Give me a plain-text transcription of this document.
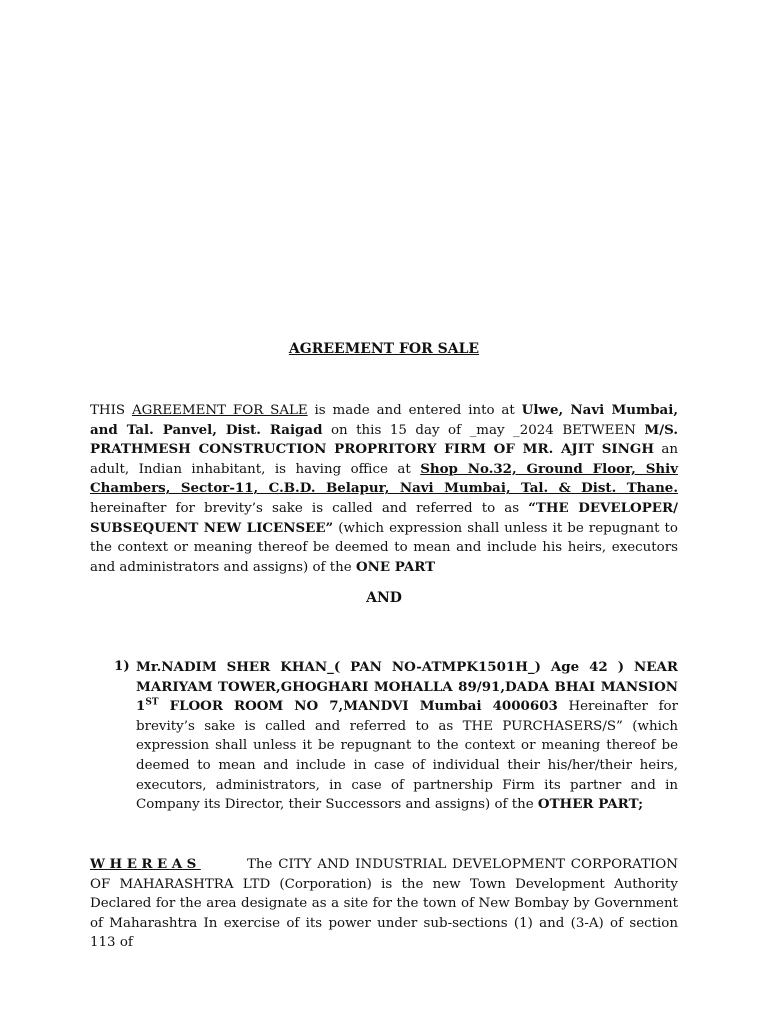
AGREEMENT FOR SALE

THIS AGREEMENT FOR SALE is made and entered into at Ulwe, Navi Mumbai, and Tal. Panvel, Dist. Raigad on this 15 day of _may _2024 BETWEEN M/S. PRATHMESH CONSTRUCTION PROPRITORY FIRM OF MR. AJIT SINGH an adult, Indian inhabitant, is having office at Shop No.32, Ground Floor, Shiv Chambers, Sector-11, C.B.D. Belapur, Navi Mumbai, Tal. & Dist. Thane. hereinafter for brevity’s sake is called and referred to as “THE DEVELOPER/ SUBSEQUENT NEW LICENSEE” (which expression shall unless it be repugnant to the context or meaning thereof be deemed to mean and include his heirs, executors and administrators and assigns) of the ONE PART

AND
1) Mr.NADIM SHER KHAN_( PAN NO-ATMPK1501H_) Age 42 ) NEAR MARIYAM TOWER,GHOGHARI MOHALLA 89/91,DADA BHAI MANSION 1ST FLOOR ROOM NO 7,MANDVI Mumbai 4000603 Hereinafter for brevity’s sake is called and referred to as THE PURCHASERS/S” (which expression shall unless it be repugnant to the context or meaning thereof be deemed to mean and include in case of individual their his/her/their heirs, executors, administrators, in case of partnership Firm its partner and in Company its Director, their Successors and assigns) of the OTHER PART;

WHEREAS        The CITY AND INDUSTRIAL DEVELOPMENT CORPORATION OF MAHARASHTRA LTD (Corporation) is the new Town Development Authority Declared for the area designate as a site for the town of New Bombay by Government of Maharashtra In exercise of its power under sub-sections (1) and (3-A) of section 113 of
